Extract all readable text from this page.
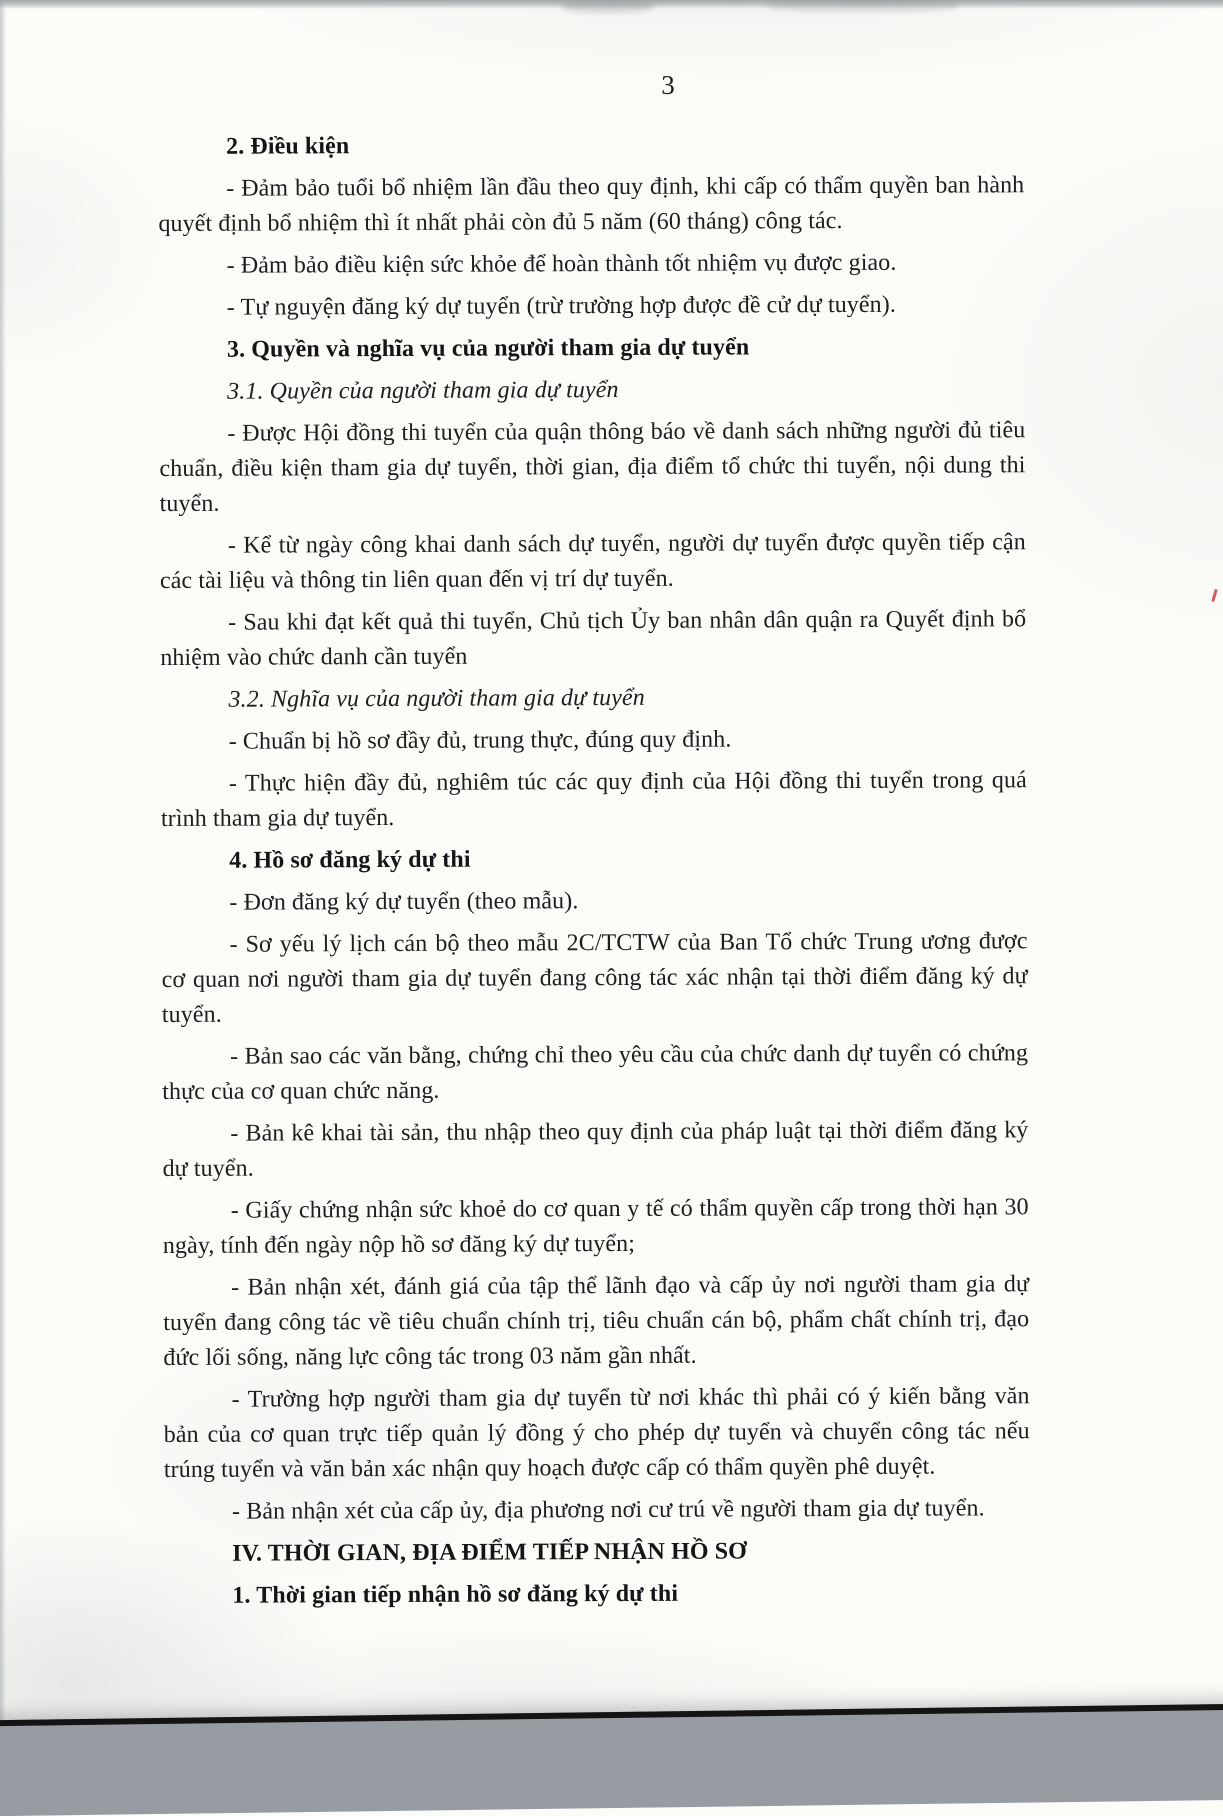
3

2. Điều kiện

- Đảm bảo tuổi bổ nhiệm lần đầu theo quy định, khi cấp có thẩm quyền ban hành quyết định bổ nhiệm thì ít nhất phải còn đủ 5 năm (60 tháng) công tác.

- Đảm bảo điều kiện sức khỏe để hoàn thành tốt nhiệm vụ được giao.

- Tự nguyện đăng ký dự tuyển (trừ trường hợp được đề cử dự tuyển).

3. Quyền và nghĩa vụ của người tham gia dự tuyển

3.1. Quyền của người tham gia dự tuyển

- Được Hội đồng thi tuyển của quận thông báo về danh sách những người đủ tiêu chuẩn, điều kiện tham gia dự tuyển, thời gian, địa điểm tổ chức thi tuyển, nội dung thi tuyển.

- Kể từ ngày công khai danh sách dự tuyển, người dự tuyển được quyền tiếp cận các tài liệu và thông tin liên quan đến vị trí dự tuyển.

- Sau khi đạt kết quả thi tuyển, Chủ tịch Ủy ban nhân dân quận ra Quyết định bổ nhiệm vào chức danh cần tuyển

3.2. Nghĩa vụ của người tham gia dự tuyển

- Chuẩn bị hồ sơ đầy đủ, trung thực, đúng quy định.

- Thực hiện đầy đủ, nghiêm túc các quy định của Hội đồng thi tuyển trong quá trình tham gia dự tuyển.

4. Hồ sơ đăng ký dự thi

- Đơn đăng ký dự tuyển (theo mẫu).

- Sơ yếu lý lịch cán bộ theo mẫu 2C/TCTW của Ban Tổ chức Trung ương được cơ quan nơi người tham gia dự tuyển đang công tác xác nhận tại thời điểm đăng ký dự tuyển.

- Bản sao các văn bằng, chứng chỉ theo yêu cầu của chức danh dự tuyển có chứng thực của cơ quan chức năng.

- Bản kê khai tài sản, thu nhập theo quy định của pháp luật tại thời điểm đăng ký dự tuyển.

- Giấy chứng nhận sức khoẻ do cơ quan y tế có thẩm quyền cấp trong thời hạn 30 ngày, tính đến ngày nộp hồ sơ đăng ký dự tuyển;

- Bản nhận xét, đánh giá của tập thể lãnh đạo và cấp ủy nơi người tham gia dự tuyển đang công tác về tiêu chuẩn chính trị, tiêu chuẩn cán bộ, phẩm chất chính trị, đạo đức lối sống, năng lực công tác trong 03 năm gần nhất.

- Trường hợp người tham gia dự tuyển từ nơi khác thì phải có ý kiến bằng văn bản của cơ quan trực tiếp quản lý đồng ý cho phép dự tuyển và chuyển công tác nếu trúng tuyển và văn bản xác nhận quy hoạch được cấp có thẩm quyền phê duyệt.

- Bản nhận xét của cấp ủy, địa phương nơi cư trú về người tham gia dự tuyển.

IV. THỜI GIAN, ĐỊA ĐIỂM TIẾP NHẬN HỒ SƠ

1. Thời gian tiếp nhận hồ sơ đăng ký dự thi
